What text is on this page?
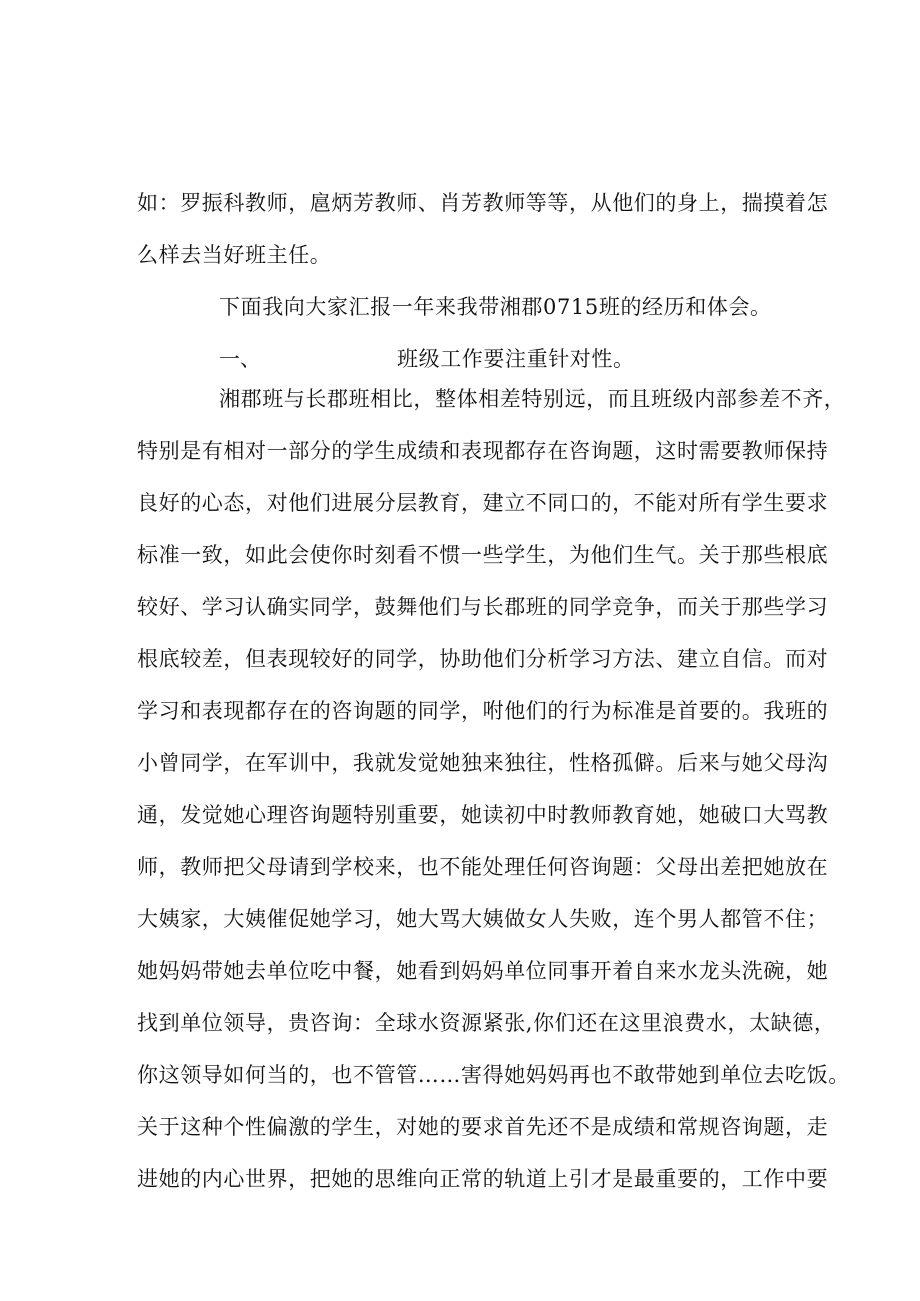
如：罗振科教师，扈炳芳教师、肖芳教师等等，从他们的身上，揣摸着怎
么样去当好班主任。
下面我向大家汇报一年来我带湘郡0715班的经历和体会。
一、	班级工作要注重针对性。
湘郡班与长郡班相比，整体相差特别远，而且班级内部参差不齐，
特别是有相对一部分的学生成绩和表现都存在咨询题，这时需要教师保持
良好的心态，对他们进展分层教育，建立不同口的，不能对所有学生要求
标准一致，如此会使你时刻看不惯一些学生，为他们生气。关于那些根底
较好、学习认确实同学，鼓舞他们与长郡班的同学竞争，而关于那些学习
根底较差，但表现较好的同学，协助他们分析学习方法、建立自信。而对
学习和表现都存在的咨询题的同学，咐他们的行为标准是首要的。我班的
小曾同学，在军训中，我就发觉她独来独往，性格孤僻。后来与她父母沟
通，发觉她心理咨询题特别重要，她读初中时教师教育她，她破口大骂教
师，教师把父母请到学校来，也不能处理任何咨询题：父母出差把她放在
大姨家，大姨催促她学习，她大骂大姨做女人失败，连个男人都管不住；
她妈妈带她去单位吃中餐，她看到妈妈单位同事开着自来水龙头洗碗，她
找到单位领导，贵咨询：全球水资源紧张,你们还在这里浪费水，太缺德，
你这领导如何当的，也不管管……害得她妈妈再也不敢带她到单位去吃饭。
关于这种个性偏激的学生，对她的要求首先还不是成绩和常规咨询题，走
进她的内心世界，把她的思维向正常的轨道上引才是最重要的，工作中要
